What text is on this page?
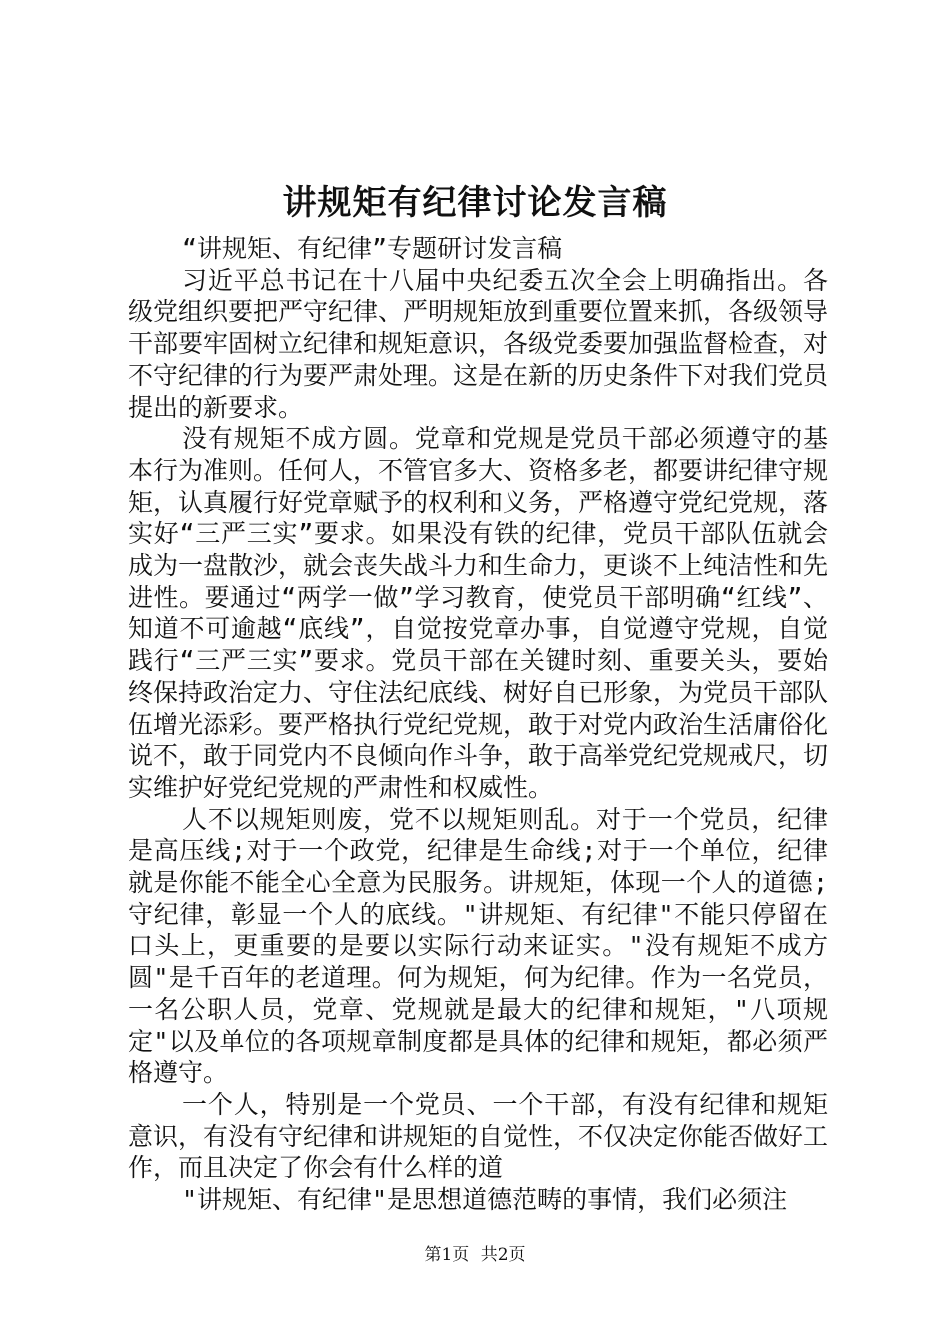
讲规矩有纪律讨论发言稿

“讲规矩、有纪律”专题研讨发言稿

习近平总书记在十八届中央纪委五次全会上明确指出。各级党组织要把严守纪律、严明规矩放到重要位置来抓，各级领导干部要牢固树立纪律和规矩意识，各级党委要加强监督检查，对不守纪律的行为要严肃处理。这是在新的历史条件下对我们党员提出的新要求。

没有规矩不成方圆。党章和党规是党员干部必须遵守的基本行为准则。任何人，不管官多大、资格多老，都要讲纪律守规矩，认真履行好党章赋予的权利和义务，严格遵守党纪党规，落实好“三严三实”要求。如果没有铁的纪律，党员干部队伍就会成为一盘散沙，就会丧失战斗力和生命力，更谈不上纯洁性和先进性。要通过“两学一做”学习教育，使党员干部明确“红线”、知道不可逾越“底线”，自觉按党章办事，自觉遵守党规，自觉践行“三严三实”要求。党员干部在关键时刻、重要关头，要始终保持政治定力、守住法纪底线、树好自已形象，为党员干部队伍增光添彩。要严格执行党纪党规，敢于对党内政治生活庸俗化说不，敢于同党内不良倾向作斗争，敢于高举党纪党规戒尺，切实维护好党纪党规的严肃性和权威性。

人不以规矩则废，党不以规矩则乱。对于一个党员，纪律是高压线;对于一个政党，纪律是生命线;对于一个单位，纪律就是你能不能全心全意为民服务。讲规矩，体现一个人的道德;守纪律，彰显一个人的底线。"讲规矩、有纪律"不能只停留在口头上，更重要的是要以实际行动来证实。"没有规矩不成方圆"是千百年的老道理。何为规矩，何为纪律。作为一名党员，一名公职人员，党章、党规就是最大的纪律和规矩，"八项规定"以及单位的各项规章制度都是具体的纪律和规矩，都必须严格遵守。

一个人，特别是一个党员、一个干部，有没有纪律和规矩意识，有没有守纪律和讲规矩的自觉性，不仅决定你能否做好工作，而且决定了你会有什么样的道

"讲规矩、有纪律"是思想道德范畴的事情，我们必须注

第1页 共2页
